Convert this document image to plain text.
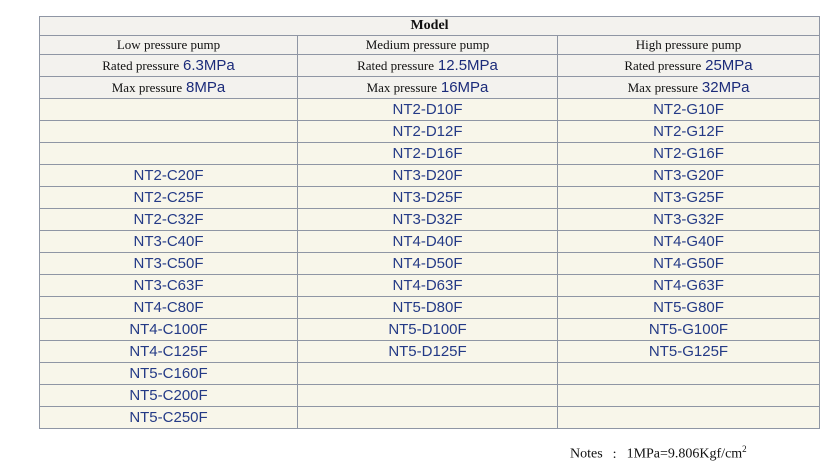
Model		
Low pressure pump	Medium pressure pump	High pressure pump
Rated pressure 6.3MPa	Rated pressure 12.5MPa	Rated pressure 25MPa
Max pressure 8MPa	Max pressure 16MPa	Max pressure 32MPa
	NT2-D10F	NT2-G10F
	NT2-D12F	NT2-G12F
	NT2-D16F	NT2-G16F
NT2-C20F	NT3-D20F	NT3-G20F
NT2-C25F	NT3-D25F	NT3-G25F
NT2-C32F	NT3-D32F	NT3-G32F
NT3-C40F	NT4-D40F	NT4-G40F
NT3-C50F	NT4-D50F	NT4-G50F
NT3-C63F	NT4-D63F	NT4-G63F
NT4-C80F	NT5-D80F	NT5-G80F
NT4-C100F	NT5-D100F	NT5-G100F
NT4-C125F	NT5-D125F	NT5-G125F
NT5-C160F		
NT5-C200F		
NT5-C250F		
Notes : $1MPa=9.806Kgf/cm^2$
